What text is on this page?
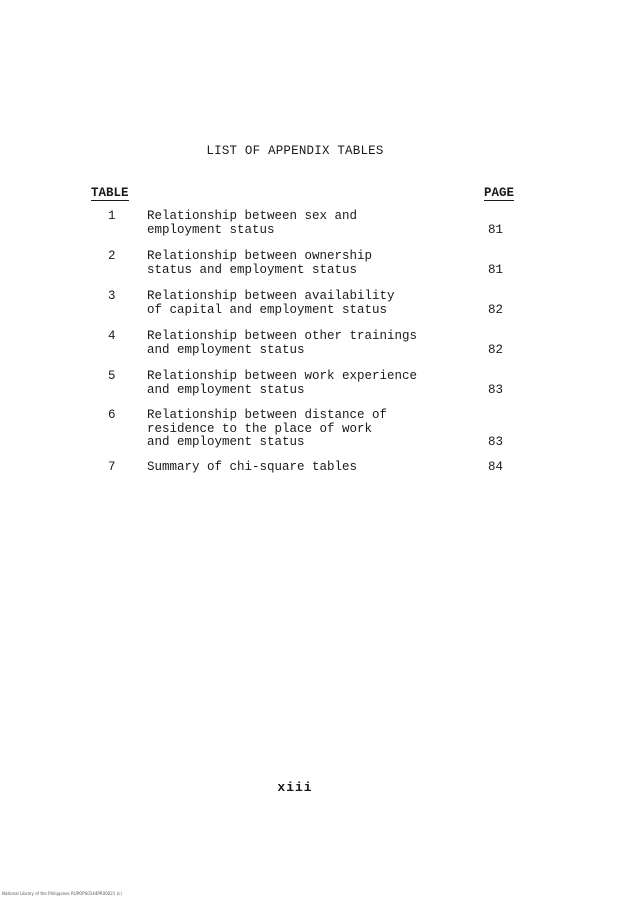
LIST OF APPENDIX TABLES
TABLE	PAGE
1	Relationship between sex and
employment status	81
2	Relationship between ownership
status and employment status	81
3	Relationship between availability
of capital and employment status	82
4	Relationship between other trainings
and employment status	82
5	Relationship between work experience
and employment status	83
6	Relationship between distance of
residence to the place of work
and employment status	83
7	Summary of chi-square tables	84
xiii
National Library of the Philippines RUPOPS0144PR00021 (c)
